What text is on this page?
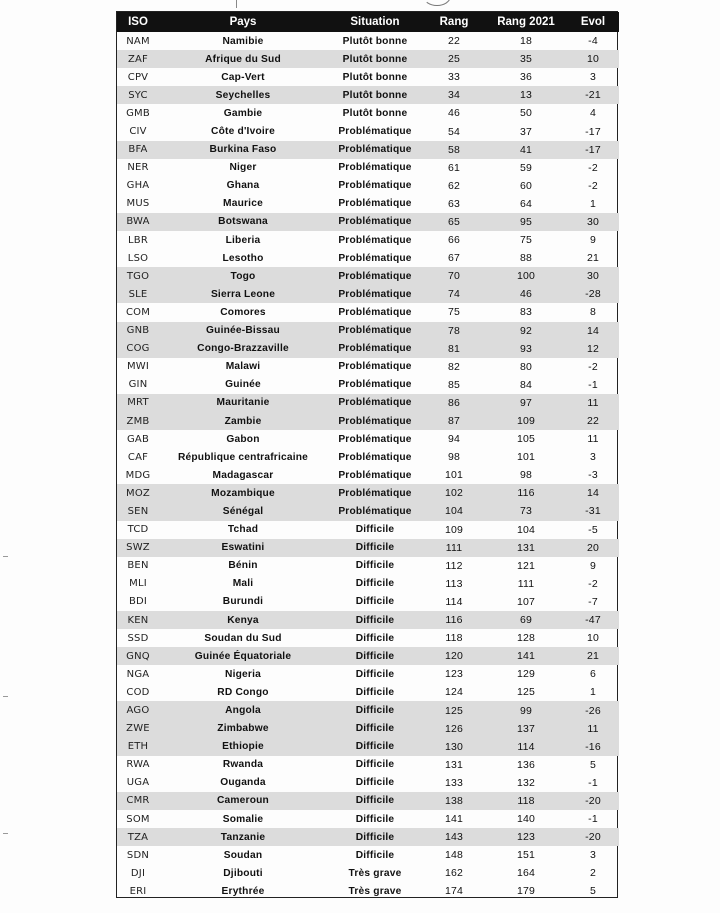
ISO	Pays	Situation	Rang	Rang 2021	Evol
NAM	Namibie	Plutôt bonne	22	18	-4
ZAF	Afrique du Sud	Plutôt bonne	25	35	10
CPV	Cap-Vert	Plutôt bonne	33	36	3
SYC	Seychelles	Plutôt bonne	34	13	-21
GMB	Gambie	Plutôt bonne	46	50	4
CIV	Côte d'Ivoire	Problématique	54	37	-17
BFA	Burkina Faso	Problématique	58	41	-17
NER	Niger	Problématique	61	59	-2
GHA	Ghana	Problématique	62	60	-2
MUS	Maurice	Problématique	63	64	1
BWA	Botswana	Problématique	65	95	30
LBR	Liberia	Problématique	66	75	9
LSO	Lesotho	Problématique	67	88	21
TGO	Togo	Problématique	70	100	30
SLE	Sierra Leone	Problématique	74	46	-28
COM	Comores	Problématique	75	83	8
GNB	Guinée-Bissau	Problématique	78	92	14
COG	Congo-Brazzaville	Problématique	81	93	12
MWI	Malawi	Problématique	82	80	-2
GIN	Guinée	Problématique	85	84	-1
MRT	Mauritanie	Problématique	86	97	11
ZMB	Zambie	Problématique	87	109	22
GAB	Gabon	Problématique	94	105	11
CAF	République centrafricaine	Problématique	98	101	3
MDG	Madagascar	Problématique	101	98	-3
MOZ	Mozambique	Problématique	102	116	14
SEN	Sénégal	Problématique	104	73	-31
TCD	Tchad	Difficile	109	104	-5
SWZ	Eswatini	Difficile	111	131	20
BEN	Bénin	Difficile	112	121	9
MLI	Mali	Difficile	113	111	-2
BDI	Burundi	Difficile	114	107	-7
KEN	Kenya	Difficile	116	69	-47
SSD	Soudan du Sud	Difficile	118	128	10
GNQ	Guinée Équatoriale	Difficile	120	141	21
NGA	Nigeria	Difficile	123	129	6
COD	RD Congo	Difficile	124	125	1
AGO	Angola	Difficile	125	99	-26
ZWE	Zimbabwe	Difficile	126	137	11
ETH	Ethiopie	Difficile	130	114	-16
RWA	Rwanda	Difficile	131	136	5
UGA	Ouganda	Difficile	133	132	-1
CMR	Cameroun	Difficile	138	118	-20
SOM	Somalie	Difficile	141	140	-1
TZA	Tanzanie	Difficile	143	123	-20
SDN	Soudan	Difficile	148	151	3
DJI	Djibouti	Très grave	162	164	2
ERI	Erythrée	Très grave	174	179	5
